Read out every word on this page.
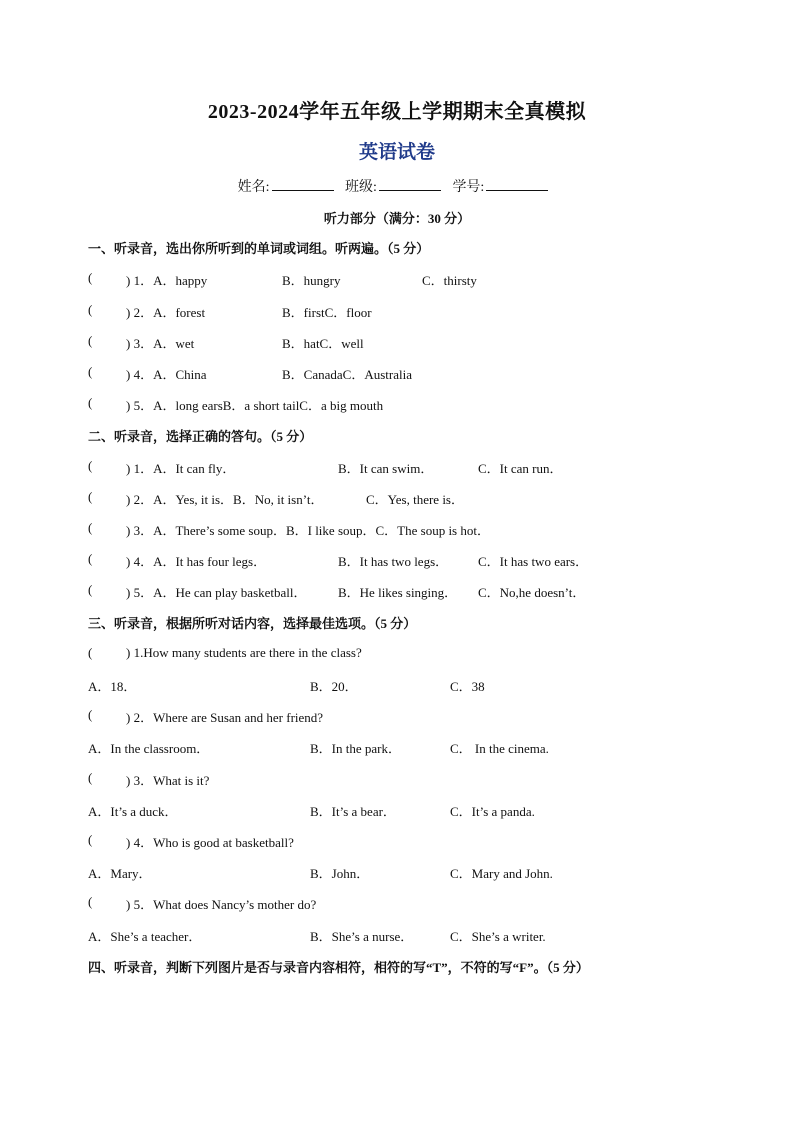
2023-2024学年五年级上学期期末全真模拟
英语试卷
姓名:	班级:	学号:
听力部分（满分：30 分）
一、听录音，选出你所听到的单词或词组。听两遍。（5 分）
(	) 1．A．happy	B．hungry	C．thirsty
(	) 2．A．forest	B．firstC．floor
(	) 3．A．wet	B．hatC．well
(	) 4．A．China	B．CanadaC．Australia
(	) 5．A．long earsB．a short tailC．a big mouth
二、听录音，选择正确的答句。（5 分）
(	) 1．A．It can fly．	B．It can swim．	C．It can run．
(	) 2．A．Yes, it is．B．No, it isn’t．	C．Yes, there is．
(	) 3．A．There’s some soup．B．I like soup．C．The soup is hot．
(	) 4．A．It has four legs．	B．It has two legs． C．It has two ears．
(	) 5．A．He can play basketball． B．He likes singing． C．No,he doesn’t．
三、听录音，根据所听对话内容，选择最佳选项。（5 分）
(	) 1.How many students are there in the class?
A．18．	B．20．	C．38
(	) 2．Where are Susan and her friend?
A．In the classroom．	B．In the park．	C． In the cinema.
(	) 3．What is it?
A．It’s a duck．	B．It’s a bear．	C．It’s a panda.
(	) 4．Who is good at basketball?
A．Mary．	B．John．	C．Mary and John.
(	) 5．What does Nancy’s mother do?
A．She’s a teacher．	B．She’s a nurse．	C．She’s a writer.
四、听录音，判断下列图片是否与录音内容相符，相符的写“T”，不符的写“F”。（5 分）
